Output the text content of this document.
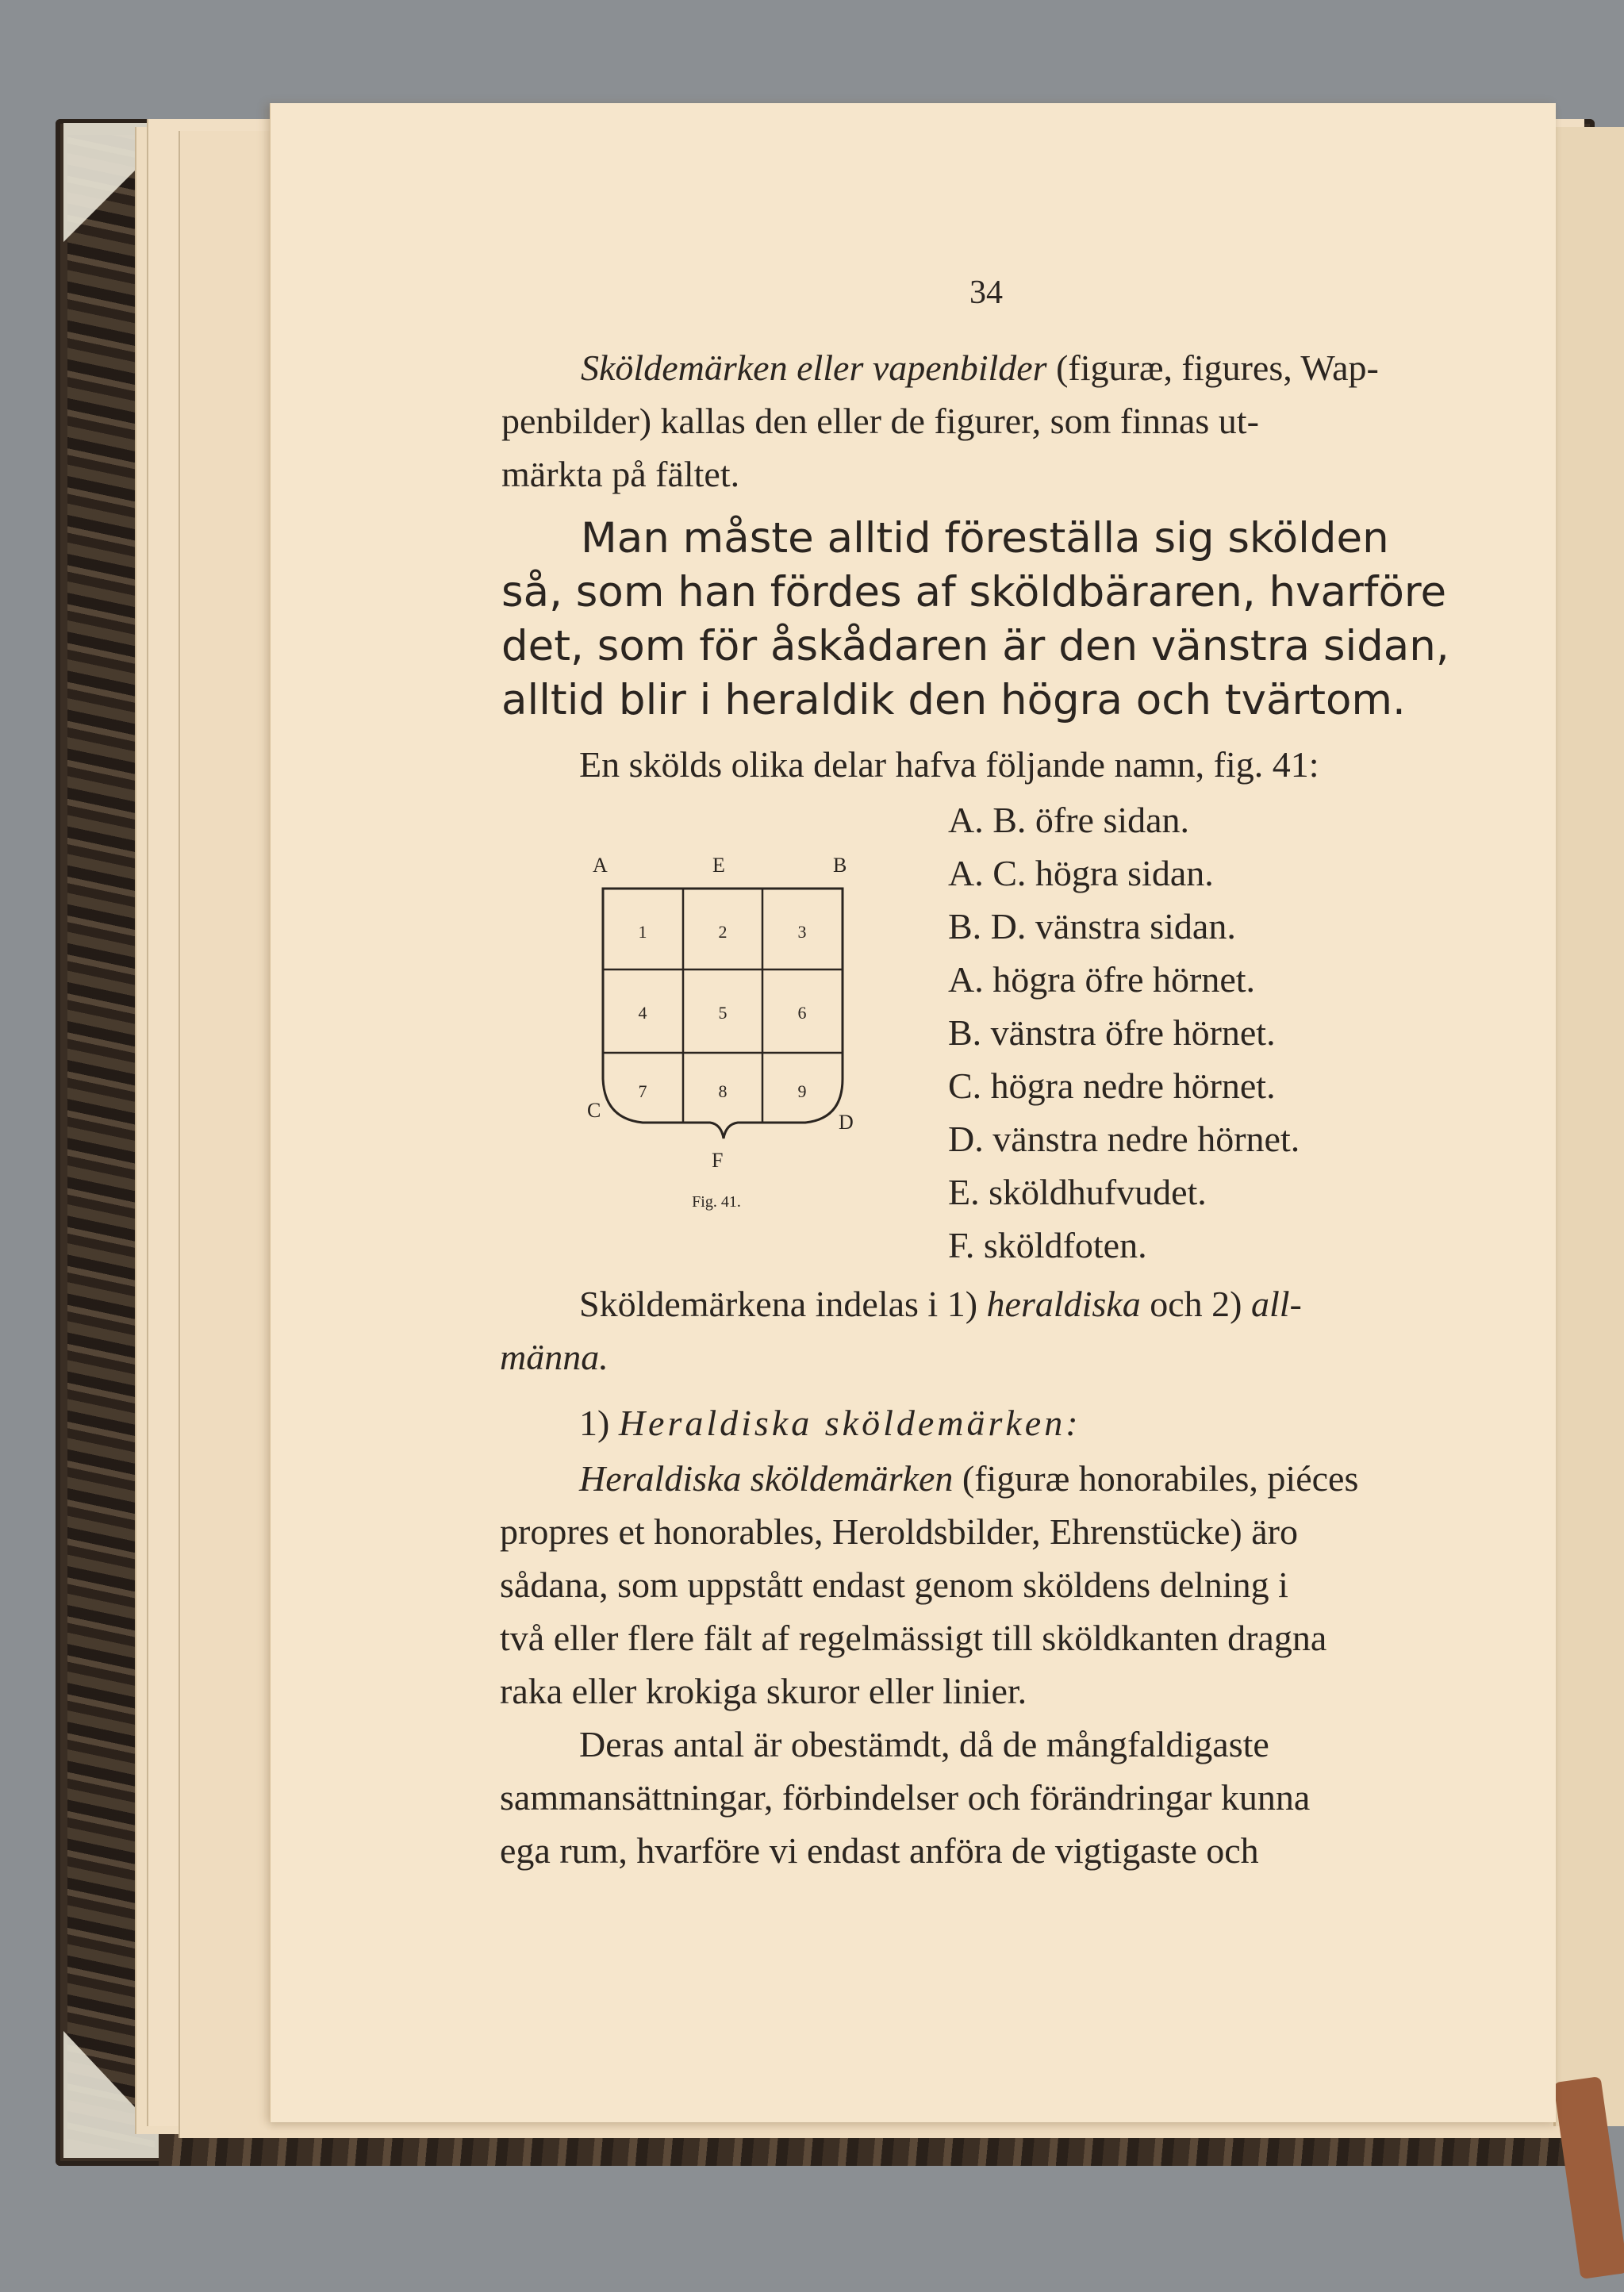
34
Sköldemärken eller vapenbilder (figuræ, figures, Wap-
penbilder) kallas den eller de figurer, som finnas ut-
märkta på fältet.
Man måste alltid föreställa sig skölden
så, som han fördes af sköldbäraren, hvarföre
det, som för åskådaren är den vänstra sidan,
alltid blir i heraldik den högra och tvärtom.
En skölds olika delar hafva följande namn, fig. 41:
A. B. öfre sidan.
A. C. högra sidan.
B. D. vänstra sidan.
A. högra öfre hörnet.
B. vänstra öfre hörnet.
C. högra nedre hörnet.
D. vänstra nedre hörnet.
E. sköldhufvudet.
F. sköldfoten.
A	E	B
C
D
F
1	2	3
4	5	6
7	8	9
Fig. 41.
Sköldemärkena indelas i 1) heraldiska och 2) all-
männa.
1) Heraldiska sköldemärken:
Heraldiska sköldemärken (figuræ honorabiles, piéces
propres et honorables, Heroldsbilder, Ehrenstücke) äro
sådana, som uppstått endast genom sköldens delning i
två eller flere fält af regelmässigt till sköldkanten dragna
raka eller krokiga skuror eller linier.
Deras antal är obestämdt, då de mångfaldigaste
sammansättningar, förbindelser och förändringar kunna
ega rum, hvarföre vi endast anföra de vigtigaste och
